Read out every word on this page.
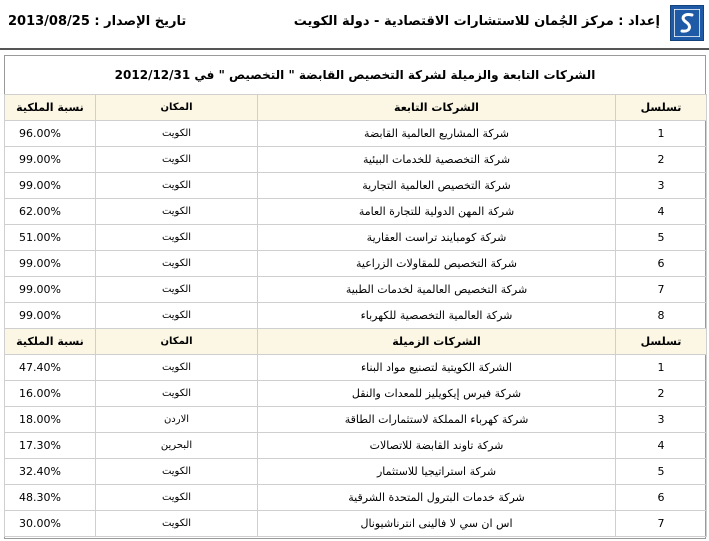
إعداد : مركز الجُمان للاستشارات الاقتصادية - دولة الكويت
تاريخ الإصدار : 2013/08/25
الشركات التابعة والزميلة لشركة التخصيص القابضة " التخصيص " في 2012/12/31
تسلسل	الشركات التابعة	المكان	نسبة الملكية
1	شركة المشاريع العالمية القابضة	الكويت	96.00%
2	شركة التخصصية للخدمات البيئية	الكويت	99.00%
3	شركة التخصيص العالمية التجارية	الكويت	99.00%
4	شركة المهن الدولية للتجارة العامة	الكويت	62.00%
5	شركة كومبايند تراست العقارية	الكويت	51.00%
6	شركة التخصيص للمقاولات الزراعية	الكويت	99.00%
7	شركة التخصيص العالمية لخدمات الطبية	الكويت	99.00%
8	شركة العالمية التخصصية للكهرباء	الكويت	99.00%
تسلسل	الشركات الزميلة	المكان	نسبة الملكية
1	الشركة الكويتية لتصنيع مواد البناء	الكويت	47.40%
2	شركة فيرس إيكويليز للمعدات والنقل	الكويت	16.00%
3	شركة كهرباء المملكة لاستثمارات الطاقة	الاردن	18.00%
4	شركة تاوند القابضة للاتصالات	البحرين	17.30%
5	شركة استراتيجيا للاستثمار	الكويت	32.40%
6	شركة خدمات البترول المتحدة الشرقية	الكويت	48.30%
7	اس ان سي لا فالينى انترناشيونال	الكويت	30.00%
